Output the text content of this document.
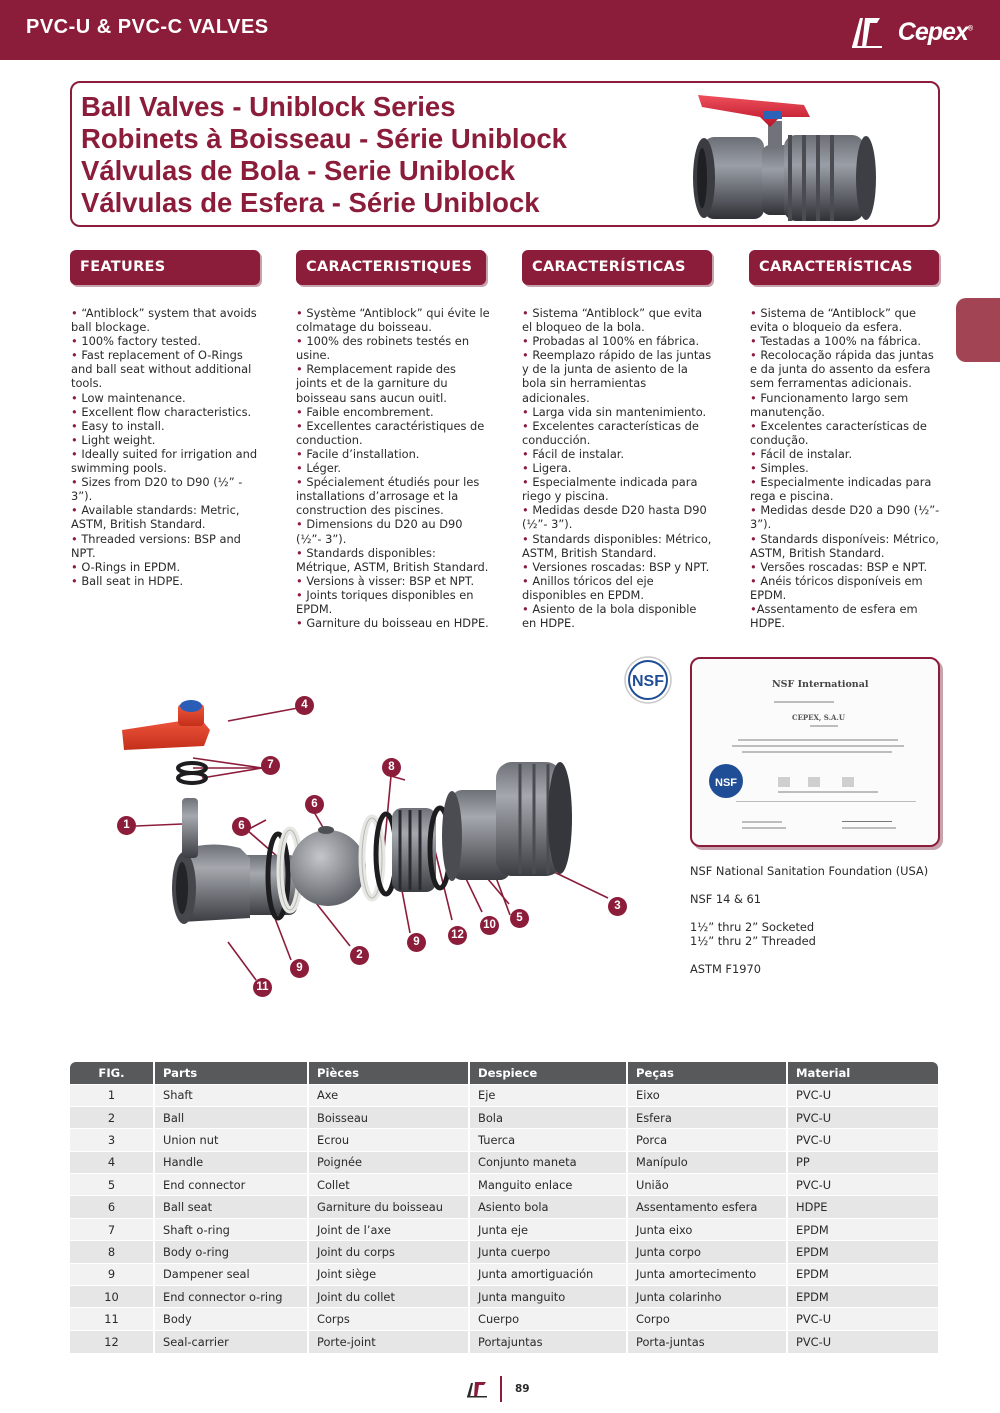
PVC-U & PVC-C VALVES	Cepex®
Ball Valves - Uniblock Series
Robinets à Boisseau - Série Uniblock
Válvulas de Bola - Serie Uniblock
Válvulas de Esfera - Série Uniblock
FEATURES	CARACTERISTIQUES	CARACTERÍSTICAS	CARACTERÍSTICAS
• “Antiblock” system that avoids ball blockage.
• 100% factory tested.
• Fast replacement of O-Rings and ball seat without additional tools.
• Low maintenance.
• Excellent flow characteristics.
• Easy to install.
• Light weight.
• Ideally suited for irrigation and swimming pools.
• Sizes from D20 to D90 (½” - 3”).
• Available standards: Metric, ASTM, British Standard.
• Threaded versions: BSP and NPT.
• O-Rings in EPDM.
• Ball seat in HDPE.
• Système “Antiblock” qui évite le colmatage du boisseau.
• 100% des robinets testés en usine.
• Remplacement rapide des joints et de la garniture du boisseau sans aucun ouitl.
• Faible encombrement.
• Excellentes caractéristiques de conduction.
• Facile d’installation.
• Léger.
• Spécialement étudiés pour les installations d’arrosage et la construction des piscines.
• Dimensions du D20 au D90 (½”- 3”).
• Standards disponibles: Métrique, ASTM, British Standard.
• Versions à visser: BSP et NPT.
• Joints toriques disponibles en EPDM.
• Garniture du boisseau en HDPE.
• Sistema “Antiblock” que evita el bloqueo de la bola.
• Probadas al 100% en fábrica.
• Reemplazo rápido de las juntas y de la junta de asiento de la bola sin herramientas adicionales.
• Larga vida sin mantenimiento.
• Excelentes características de conducción.
• Fácil de instalar.
• Ligera.
• Especialmente indicada para riego y piscina.
• Medidas desde D20 hasta D90 (½”- 3”).
• Standards disponibles: Métrico, ASTM, British Standard.
• Versiones roscadas: BSP y NPT.
• Anillos tóricos del eje disponibles en EPDM.
• Asiento de la bola disponible en HDPE.
• Sistema de “Antiblock” que evita o bloqueio da esfera.
• Testadas a 100% na fábrica.
• Recolocação rápida das juntas e da junta do assento da esfera sem ferramentas adicionais.
• Funcionamento largo sem manutenção.
• Excelentes características de condução.
• Fácil de instalar.
• Simples.
• Especialmente indicadas para rega e piscina.
• Medidas desde D20 a D90 (½”- 3”).
• Standards disponíveis: Métrico, ASTM, British Standard.
• Versões roscadas: BSP e NPT.
• Anéis tóricos disponíveis em EPDM.
•Assentamento de esfera em HDPE.
4
7	8
6
1	6
3
5
10
12
9
2
9
11
NSF	NSF International
CEPEX, S.A.U
NSF
NSF National Sanitation Foundation (USA)
NSF 14 & 61
1½” thru 2” Socketed
1½” thru 2” Threaded
ASTM F1970
FIG.	Parts	Pièces	Despiece	Peças	Material
1	Shaft	Axe	Eje	Eixo	PVC-U
2	Ball	Boisseau	Bola	Esfera	PVC-U
3	Union nut	Ecrou	Tuerca	Porca	PVC-U
4	Handle	Poignée	Conjunto maneta	Manípulo	PP
5	End connector	Collet	Manguito enlace	União	PVC-U
6	Ball seat	Garniture du boisseau	Asiento bola	Assentamento esfera	HDPE
7	Shaft o-ring	Joint de l’axe	Junta eje	Junta eixo	EPDM
8	Body o-ring	Joint du corps	Junta cuerpo	Junta corpo	EPDM
9	Dampener seal	Joint siège	Junta amortiguación	Junta amortecimento	EPDM
10	End connector o-ring	Joint du collet	Junta manguito	Junta colarinho	EPDM
11	Body	Corps	Cuerpo	Corpo	PVC-U
12	Seal-carrier	Porte-joint	Portajuntas	Porta-juntas	PVC-U
89
